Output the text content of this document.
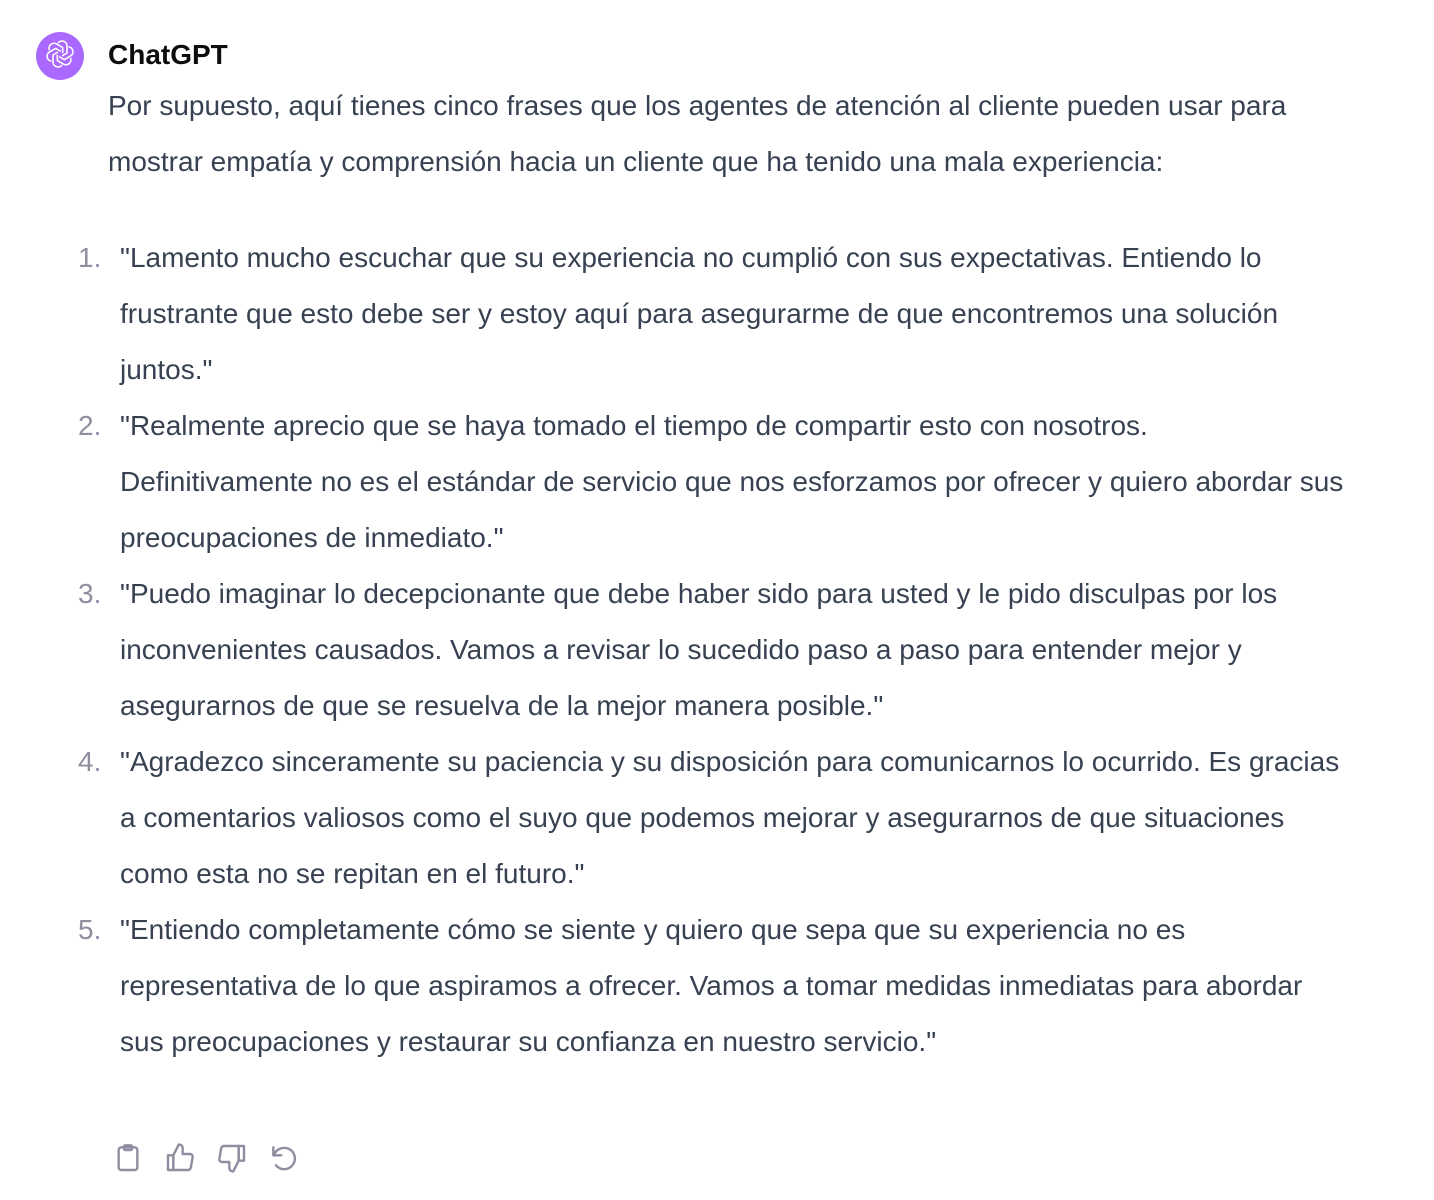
ChatGPT

Por supuesto, aquí tienes cinco frases que los agentes de atención al cliente pueden usar para mostrar empatía y comprensión hacia un cliente que ha tenido una mala experiencia:

1. "Lamento mucho escuchar que su experiencia no cumplió con sus expectativas. Entiendo lo frustrante que esto debe ser y estoy aquí para asegurarme de que encontremos una solución juntos."
2. "Realmente aprecio que se haya tomado el tiempo de compartir esto con nosotros. Definitivamente no es el estándar de servicio que nos esforzamos por ofrecer y quiero abordar sus preocupaciones de inmediato."
3. "Puedo imaginar lo decepcionante que debe haber sido para usted y le pido disculpas por los inconvenientes causados. Vamos a revisar lo sucedido paso a paso para entender mejor y asegurarnos de que se resuelva de la mejor manera posible."
4. "Agradezco sinceramente su paciencia y su disposición para comunicarnos lo ocurrido. Es gracias a comentarios valiosos como el suyo que podemos mejorar y asegurarnos de que situaciones como esta no se repitan en el futuro."
5. "Entiendo completamente cómo se siente y quiero que sepa que su experiencia no es representativa de lo que aspiramos a ofrecer. Vamos a tomar medidas inmediatas para abordar sus preocupaciones y restaurar su confianza en nuestro servicio."
